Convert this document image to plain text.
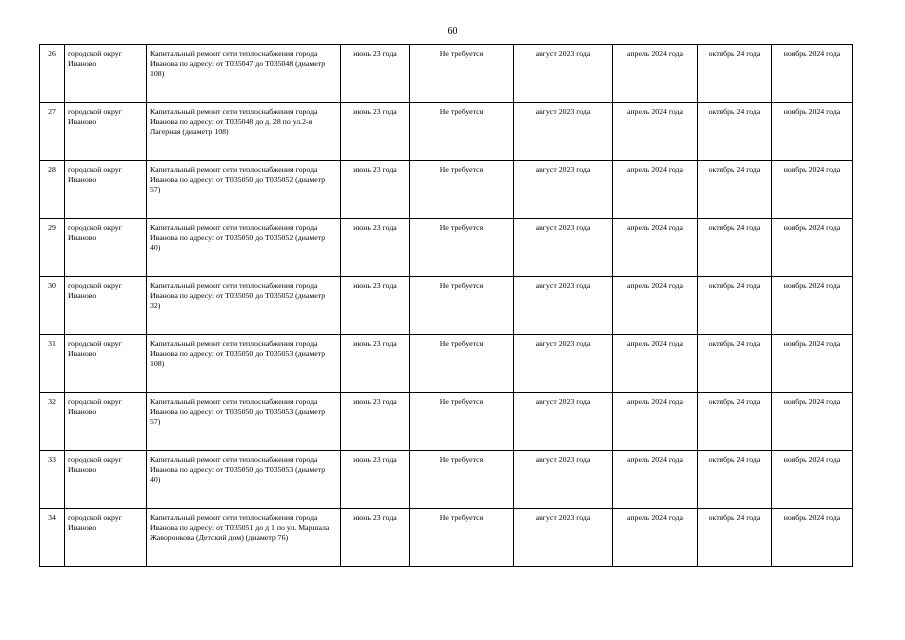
60
26	городской округ Иваново	Капитальный ремонт сети теплоснабжения города Иванова по адресу: от Т035047 до Т035048 (диаметр 108)	июнь 23 года	Не требуется	август 2023 года	апрель 2024 года	октябрь 24 года	ноябрь 2024 года
27	городской округ Иваново	Капитальный ремонт сети теплоснабжения города Иванова по адресу: от Т035048 до д. 28 по ул.2-я Лагерная (диаметр 108)	июнь 23 года	Не требуется	август 2023 года	апрель 2024 года	октябрь 24 года	ноябрь 2024 года
28	городской округ Иваново	Капитальный ремонт сети теплоснабжения города Иванова по адресу: от Т035050 до Т035052 (диаметр 57)	июнь 23 года	Не требуется	август 2023 года	апрель 2024 года	октябрь 24 года	ноябрь 2024 года
29	городской округ Иваново	Капитальный ремонт сети теплоснабжения города Иванова по адресу: от Т035050 до Т035052 (диаметр 40)	июнь 23 года	Не требуется	август 2023 года	апрель 2024 года	октябрь 24 года	ноябрь 2024 года
30	городской округ Иваново	Капитальный ремонт сети теплоснабжения города Иванова по адресу: от Т035050 до Т035052 (диаметр 32)	июнь 23 года	Не требуется	август 2023 года	апрель 2024 года	октябрь 24 года	ноябрь 2024 года
31	городской округ Иваново	Капитальный ремонт сети теплоснабжения города Иванова по адресу: от Т035050 до Т035053 (диаметр 108)	июнь 23 года	Не требуется	август 2023 года	апрель 2024 года	октябрь 24 года	ноябрь 2024 года
32	городской округ Иваново	Капитальный ремонт сети теплоснабжения города Иванова по адресу: от Т035050 до Т035053 (диаметр 57)	июнь 23 года	Не требуется	август 2023 года	апрель 2024 года	октябрь 24 года	ноябрь 2024 года
33	городской округ Иваново	Капитальный ремонт сети теплоснабжения города Иванова по адресу: от Т035050 до Т035053 (диаметр 40)	июнь 23 года	Не требуется	август 2023 года	апрель 2024 года	октябрь 24 года	ноябрь 2024 года
34	городской округ Иваново	Капитальный ремонт сети теплоснабжения города Иванова по адресу: от Т035051 до д 1 по ул. Маршала Жаворонкова (Детский дом) (диаметр 76)	июнь 23 года	Не требуется	август 2023 года	апрель 2024 года	октябрь 24 года	ноябрь 2024 года
